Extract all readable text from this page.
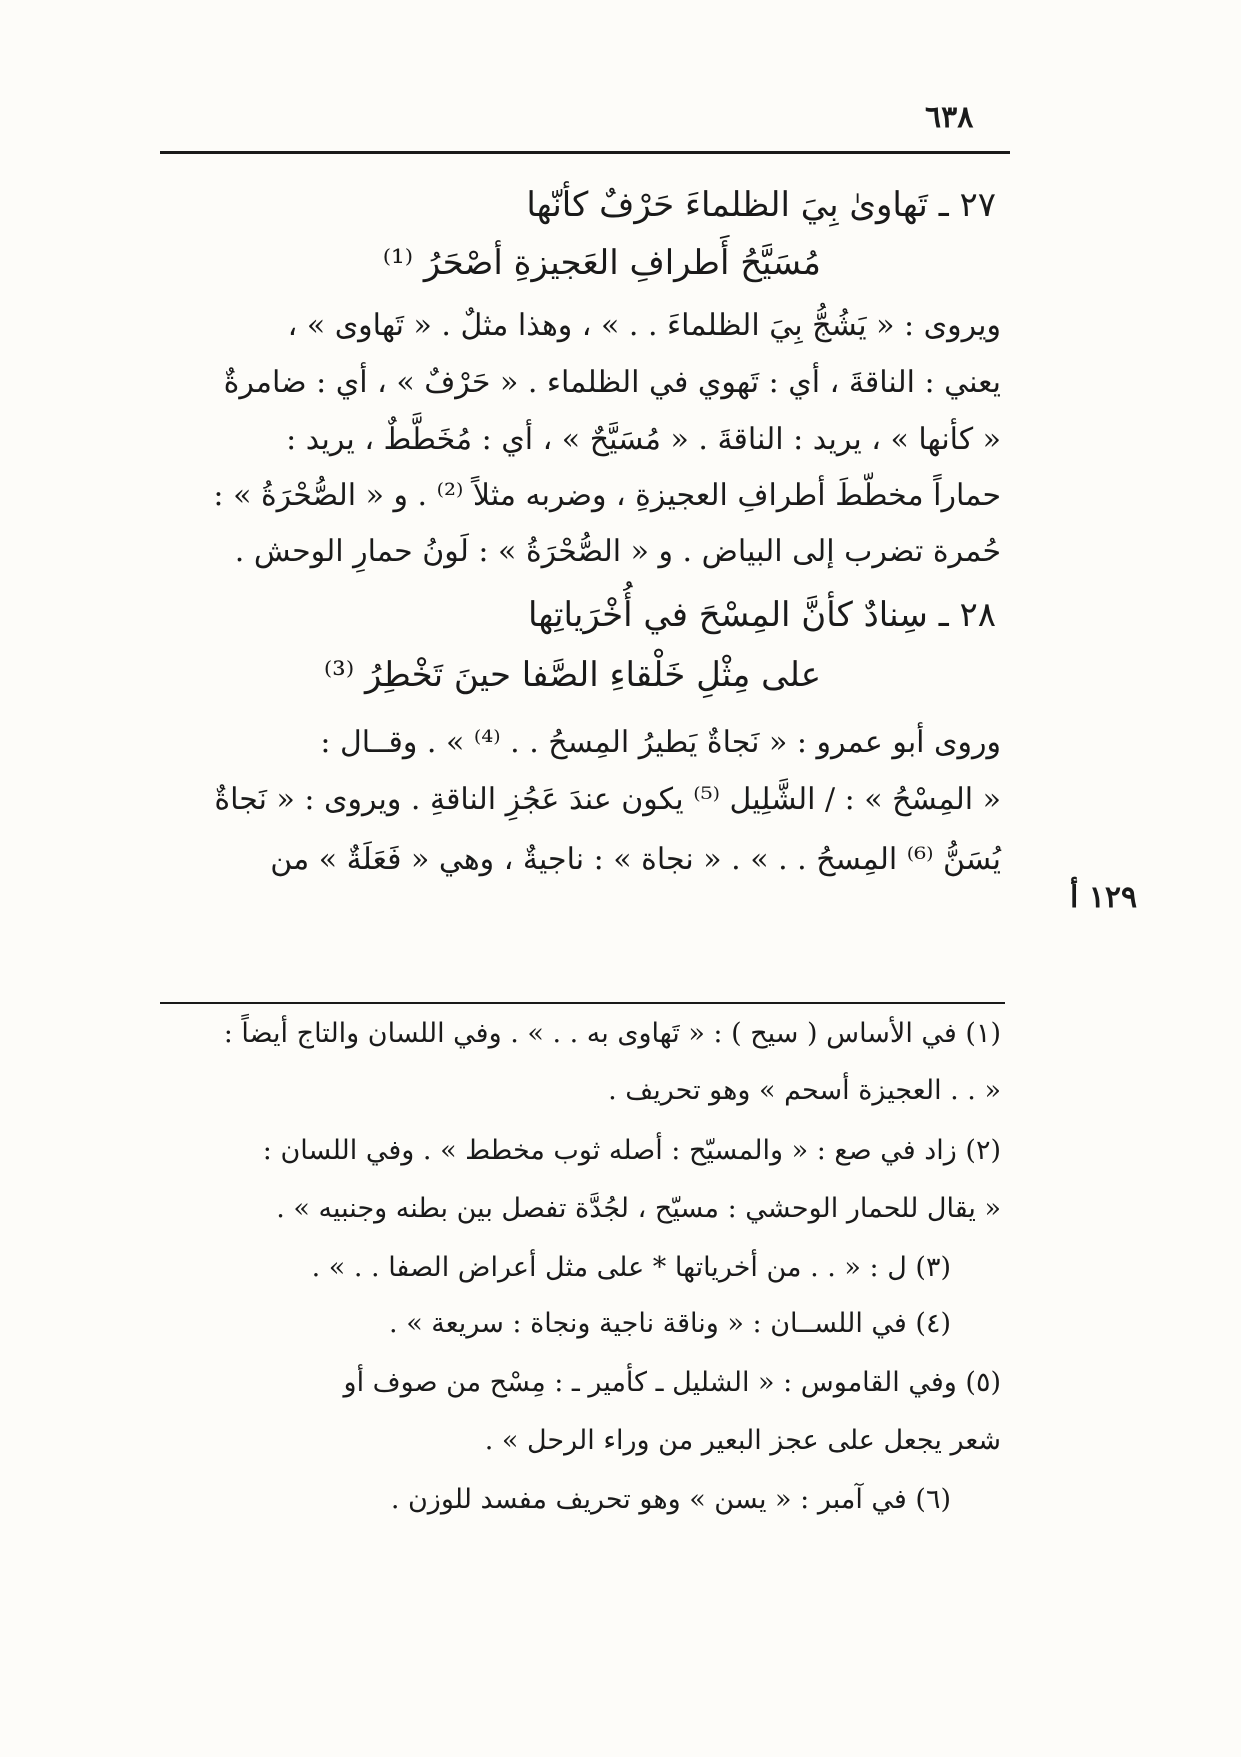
٦٣٨
٢٧ ـ تَهاوىٰ بِيَ الظلماءَ حَرْفٌ كأنّها
مُسَيَّحُ أَطرافِ العَجيزةِ أصْحَرُ ⁽¹⁾
ويروى : « يَشُجُّ بِيَ الظلماءَ . . » ، وهذا مثلٌ . « تَهاوى » ،
يعني : الناقةَ ، أي : تَهوي في الظلماء . « حَرْفٌ » ، أي : ضامرةٌ
« كأنها » ، يريد : الناقةَ . « مُسَيَّحٌ » ، أي : مُخَطَّطٌ ، يريد :
حماراً مخطّطَ أطرافِ العجيزةِ ، وضربه مثلاً ⁽²⁾ . و « الصُّحْرَةُ » :
حُمرة تضرب إلى البياض . و « الصُّحْرَةُ » : لَونُ حمارِ الوحش .
٢٨ ـ سِنادٌ كأنَّ المِسْحَ في أُخْرَياتِها
على مِثْلِ خَلْقاءِ الصَّفا حينَ تَخْطِرُ ⁽³⁾
وروى أبو عمرو : « نَجاةٌ يَطيرُ المِسحُ . . ⁽⁴⁾ » . وقــال :
« المِسْحُ » : / الشَّلِيل ⁽⁵⁾ يكون عندَ عَجُزِ الناقةِ . ويروى : « نَجاةٌ
يُسَنُّ ⁽⁶⁾ المِسحُ . . » . « نجاة » : ناجيةٌ ، وهي « فَعَلَةٌ » من
١٢٩ أ
(١) في الأساس ( سيح ) : « تَهاوى به . . » . وفي اللسان والتاج أيضاً :
« . . العجيزة أسحم » وهو تحريف .
(٢) زاد في صع : « والمسيّح : أصله ثوب مخطط » . وفي اللسان :
« يقال للحمار الوحشي : مسيّح ، لجُدَّة تفصل بين بطنه وجنبيه » .
(٣) ل : « . . من أخرياتها * على مثل أعراض الصفا . . » .
(٤) في اللســان : « وناقة ناجية ونجاة : سريعة » .
(٥) وفي القاموس : « الشليل ـ كأمير ـ : مِسْح من صوف أو
شعر يجعل على عجز البعير من وراء الرحل » .
(٦) في آمبر : « يسن » وهو تحريف مفسد للوزن .
